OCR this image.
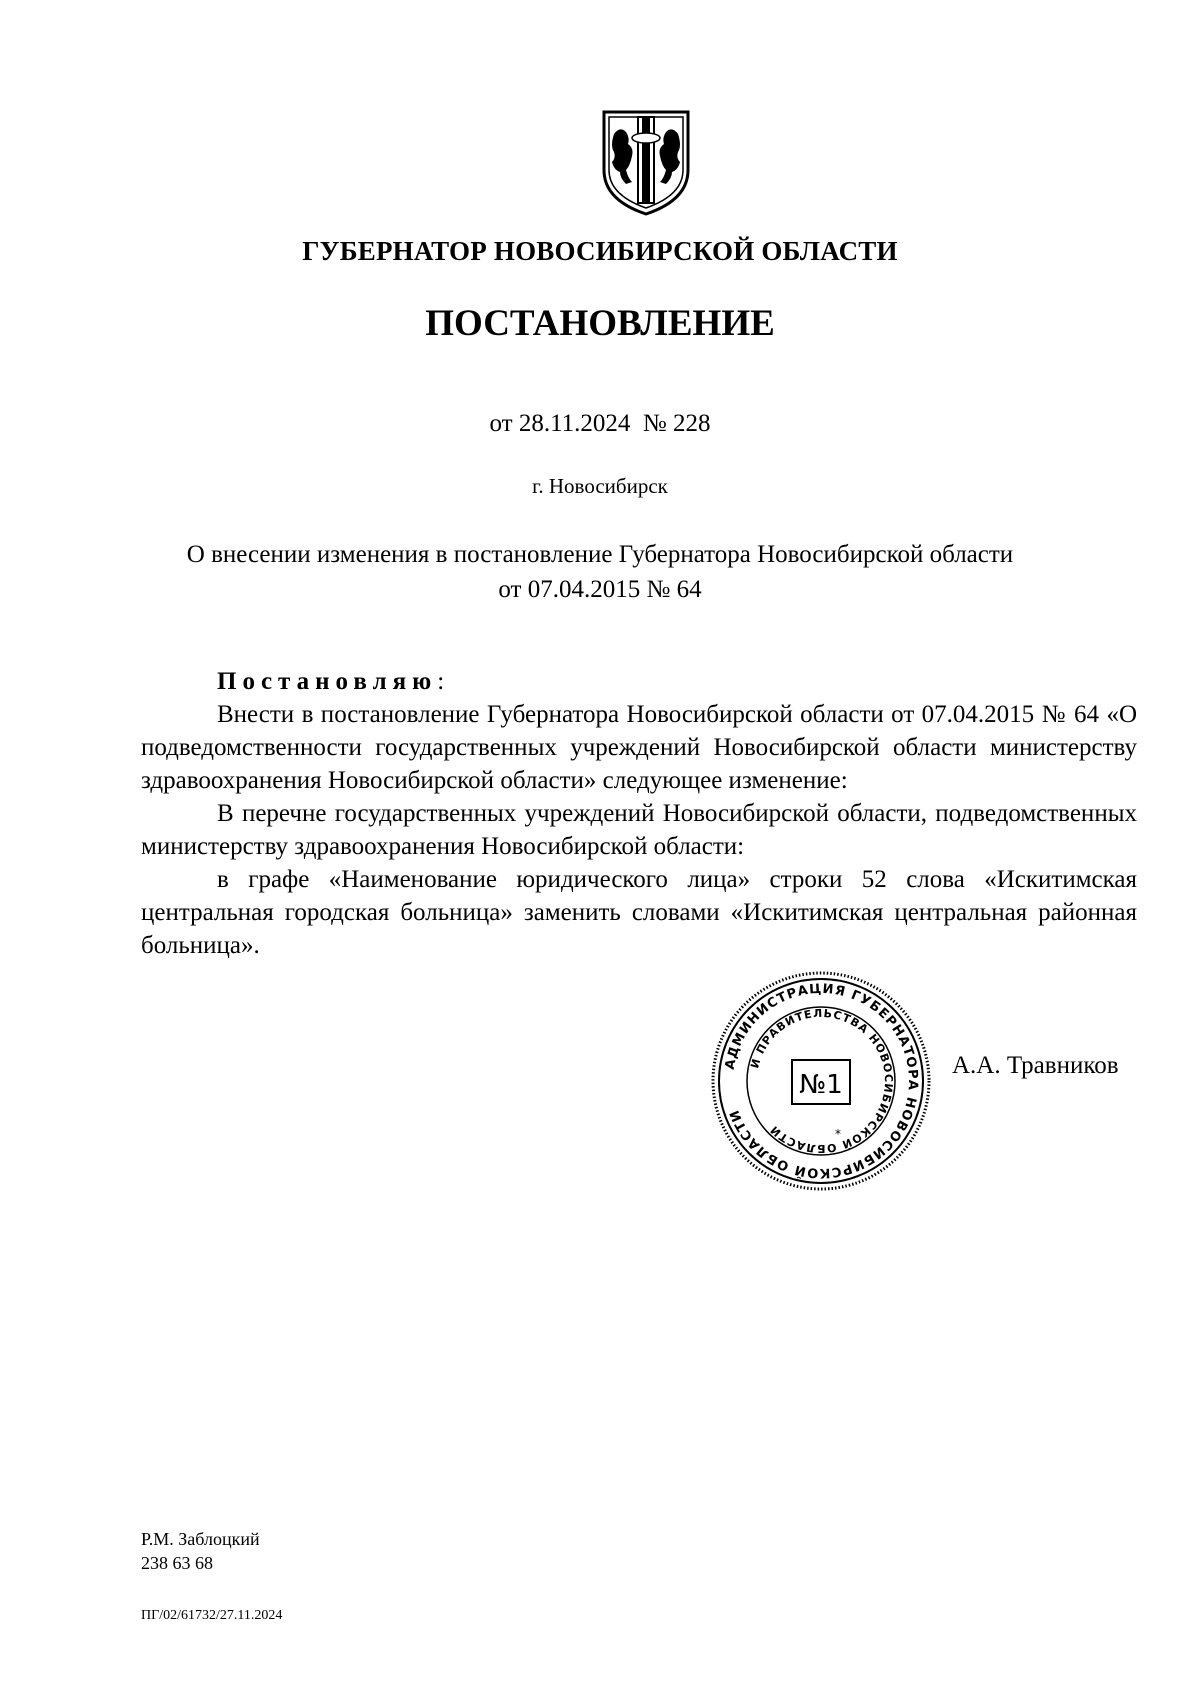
ГУБЕРНАТОР НОВОСИБИРСКОЙ ОБЛАСТИ
ПОСТАНОВЛЕНИЕ
от 28.11.2024 № 228
г. Новосибирск
О внесении изменения в постановление Губернатора Новосибирской области
от 07.04.2015 № 64

Постановляю:

Внести в постановление Губернатора Новосибирской области от 07.04.2015 № 64 «О подведомственности государственных учреждений Новосибирской области министерству здравоохранения Новосибирской области» следующее изменение:

В перечне государственных учреждений Новосибирской области, подведомственных министерству здравоохранения Новосибирской области:

в графе «Наименование юридического лица» строки 52 слова «Искитимская центральная городская больница» заменить словами «Искитимская центральная районная больница».

АДМИНИСТРАЦИЯ ГУБЕРНАТОРА НОВОСИБИРСКОЙ ОБЛАСТИ
И ПРАВИТЕЛЬСТВА НОВОСИБИРСКОЙ ОБЛАСТИ
№1
*
А.А. Травников
Р.М. Заблоцкий
238 63 68
ПГ/02/61732/27.11.2024
